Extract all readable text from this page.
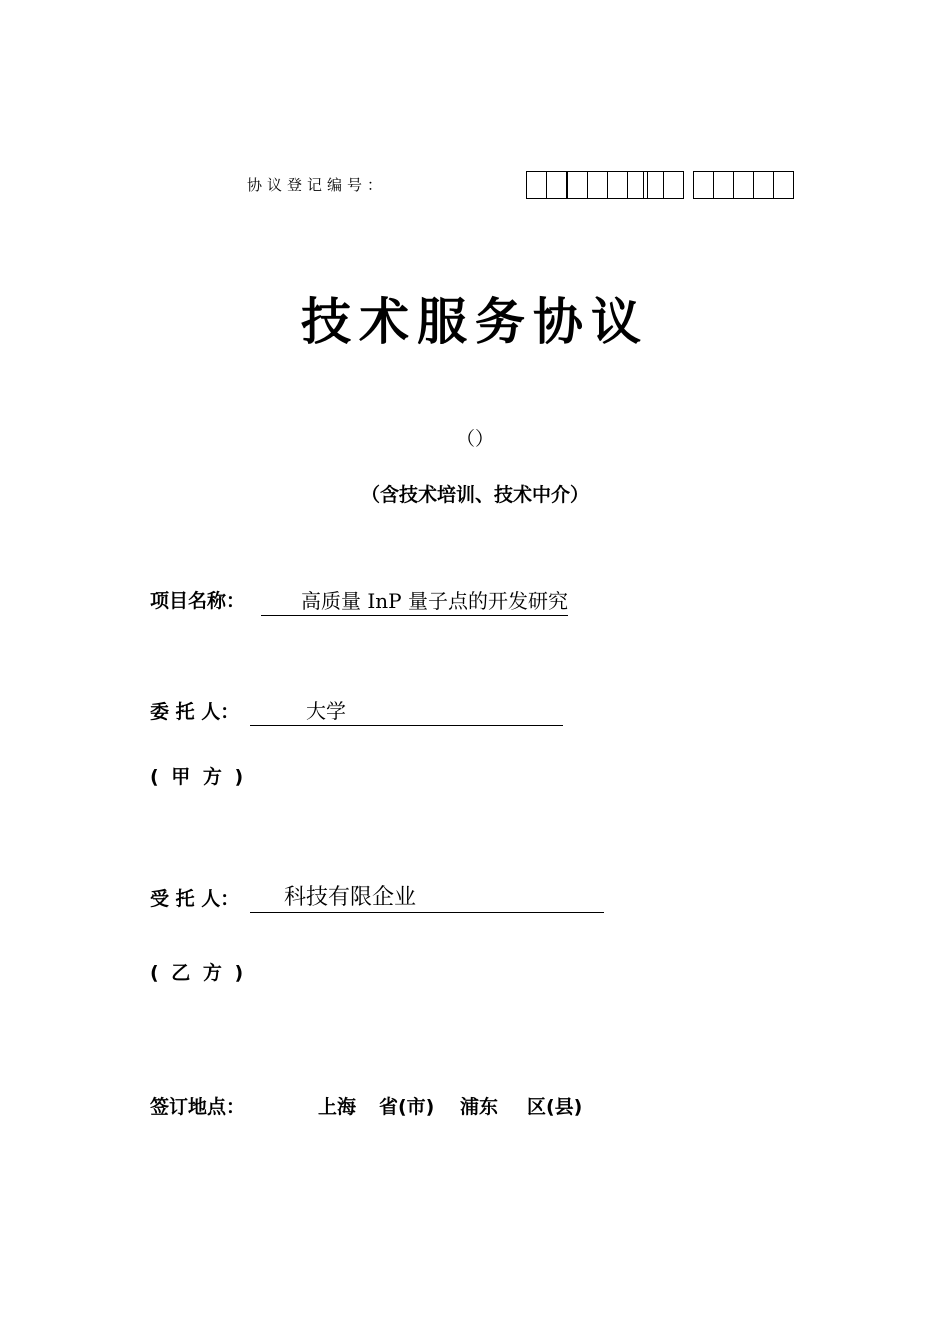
协议登记编号：
技术服务协议
（）
（含技术培训、技术中介）
项目名称：	高质量 InP 量子点的开发研究
委 托 人：	大学
( 甲 方 )
受 托 人：	科技有限企业
( 乙 方 )
签订地点：	上海 省(市) 浦东 区(县)
